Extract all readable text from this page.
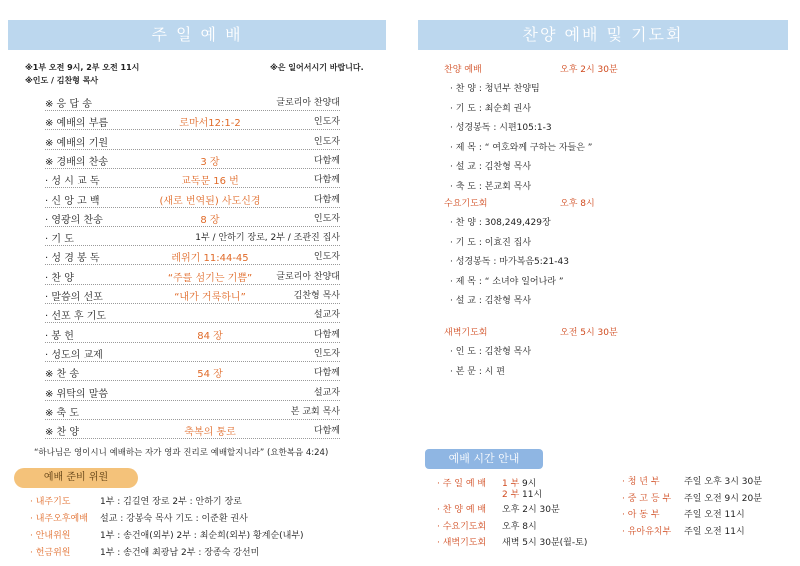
주 일 예 배
※1부 오전 9시, 2부 오전 11시	※은 일어서시기 바랍니다.
※인도 / 김찬형 목사
※ 응 답 송	글로리아 찬양대
※ 예배의 부름	로마서12:1-2	인도자
※ 예배의 기원	인도자
※ 경배의 찬송	3 장	다함께
· 성 시 교 독	교독문 16 번	다함께
· 신 앙 고 백	(새로 번역된) 사도신경	다함께
· 영광의 찬송	8 장	인도자
· 기 도	1부 / 안하기 장로, 2부 / 조관진 집사
· 성 경 봉 독	레위기 11:44-45	인도자
· 찬 양	“주를 섬기는 기쁨”	글로리아 찬양대
· 말씀의 선포	“내가 거룩하니”	김찬형 목사
· 선포 후 기도	설교자
· 봉 헌	84 장	다함께
· 성도의 교제	인도자
※ 찬 송	54 장	다함께
※ 위탁의 말씀	설교자
※ 축 도	본 교회 목사
※ 찬 양	축복의 통로	다함께
“하나님은 영이시니 예배하는 자가 영과 진리로 예배할지니라” (요한복음 4:24)
예배 준비 위원
· 내주기도	1부 : 김길연 장로 2부 : 안하기 장로
· 내주오후예배 설교 : 강봉숙 목사 기도 : 이준환 권사
· 안내위원	1부 : 송건애(외부) 2부 : 최순희(외부) 황계순(내부)
· 헌금위원	1부 : 송건애 최광남 2부 : 장종숙 강선미
찬양 예배 및 기도회
찬양 예배	오후 2시 30분
· 찬 양 : 청년부 찬양팀
· 기 도 : 최순희 권사
· 성경봉독 : 시편105:1-3
· 제 목 : “ 여호와께 구하는 자들은 ”
· 설 교 : 김찬형 목사
· 축 도 : 본교회 목사
수요기도회	오후 8시
· 찬 양 : 308,249,429장
· 기 도 : 이효진 집사
· 성경봉독 : 마가복음5:21-43
· 제 목 : “ 소녀야 일어나라 ”
· 설 교 : 김찬형 목사
새벽기도회	오전 5시 30분
· 인 도 : 김찬형 목사
· 본 문 : 시 편
예배 시간 안내
· 주 일 예 배 1 부 9시
2 부 11시
· 찬 양 예 배 오후 2시 30분
· 수요기도회 오후 8시
· 새벽기도회 새벽 5시 30분(월-토)
· 청 년 부	주일 오후 3시 30분
· 중 고 등 부 주일 오전 9시 20분
· 아 동 부	주일 오전 11시
· 유아유치부 주일 오전 11시
